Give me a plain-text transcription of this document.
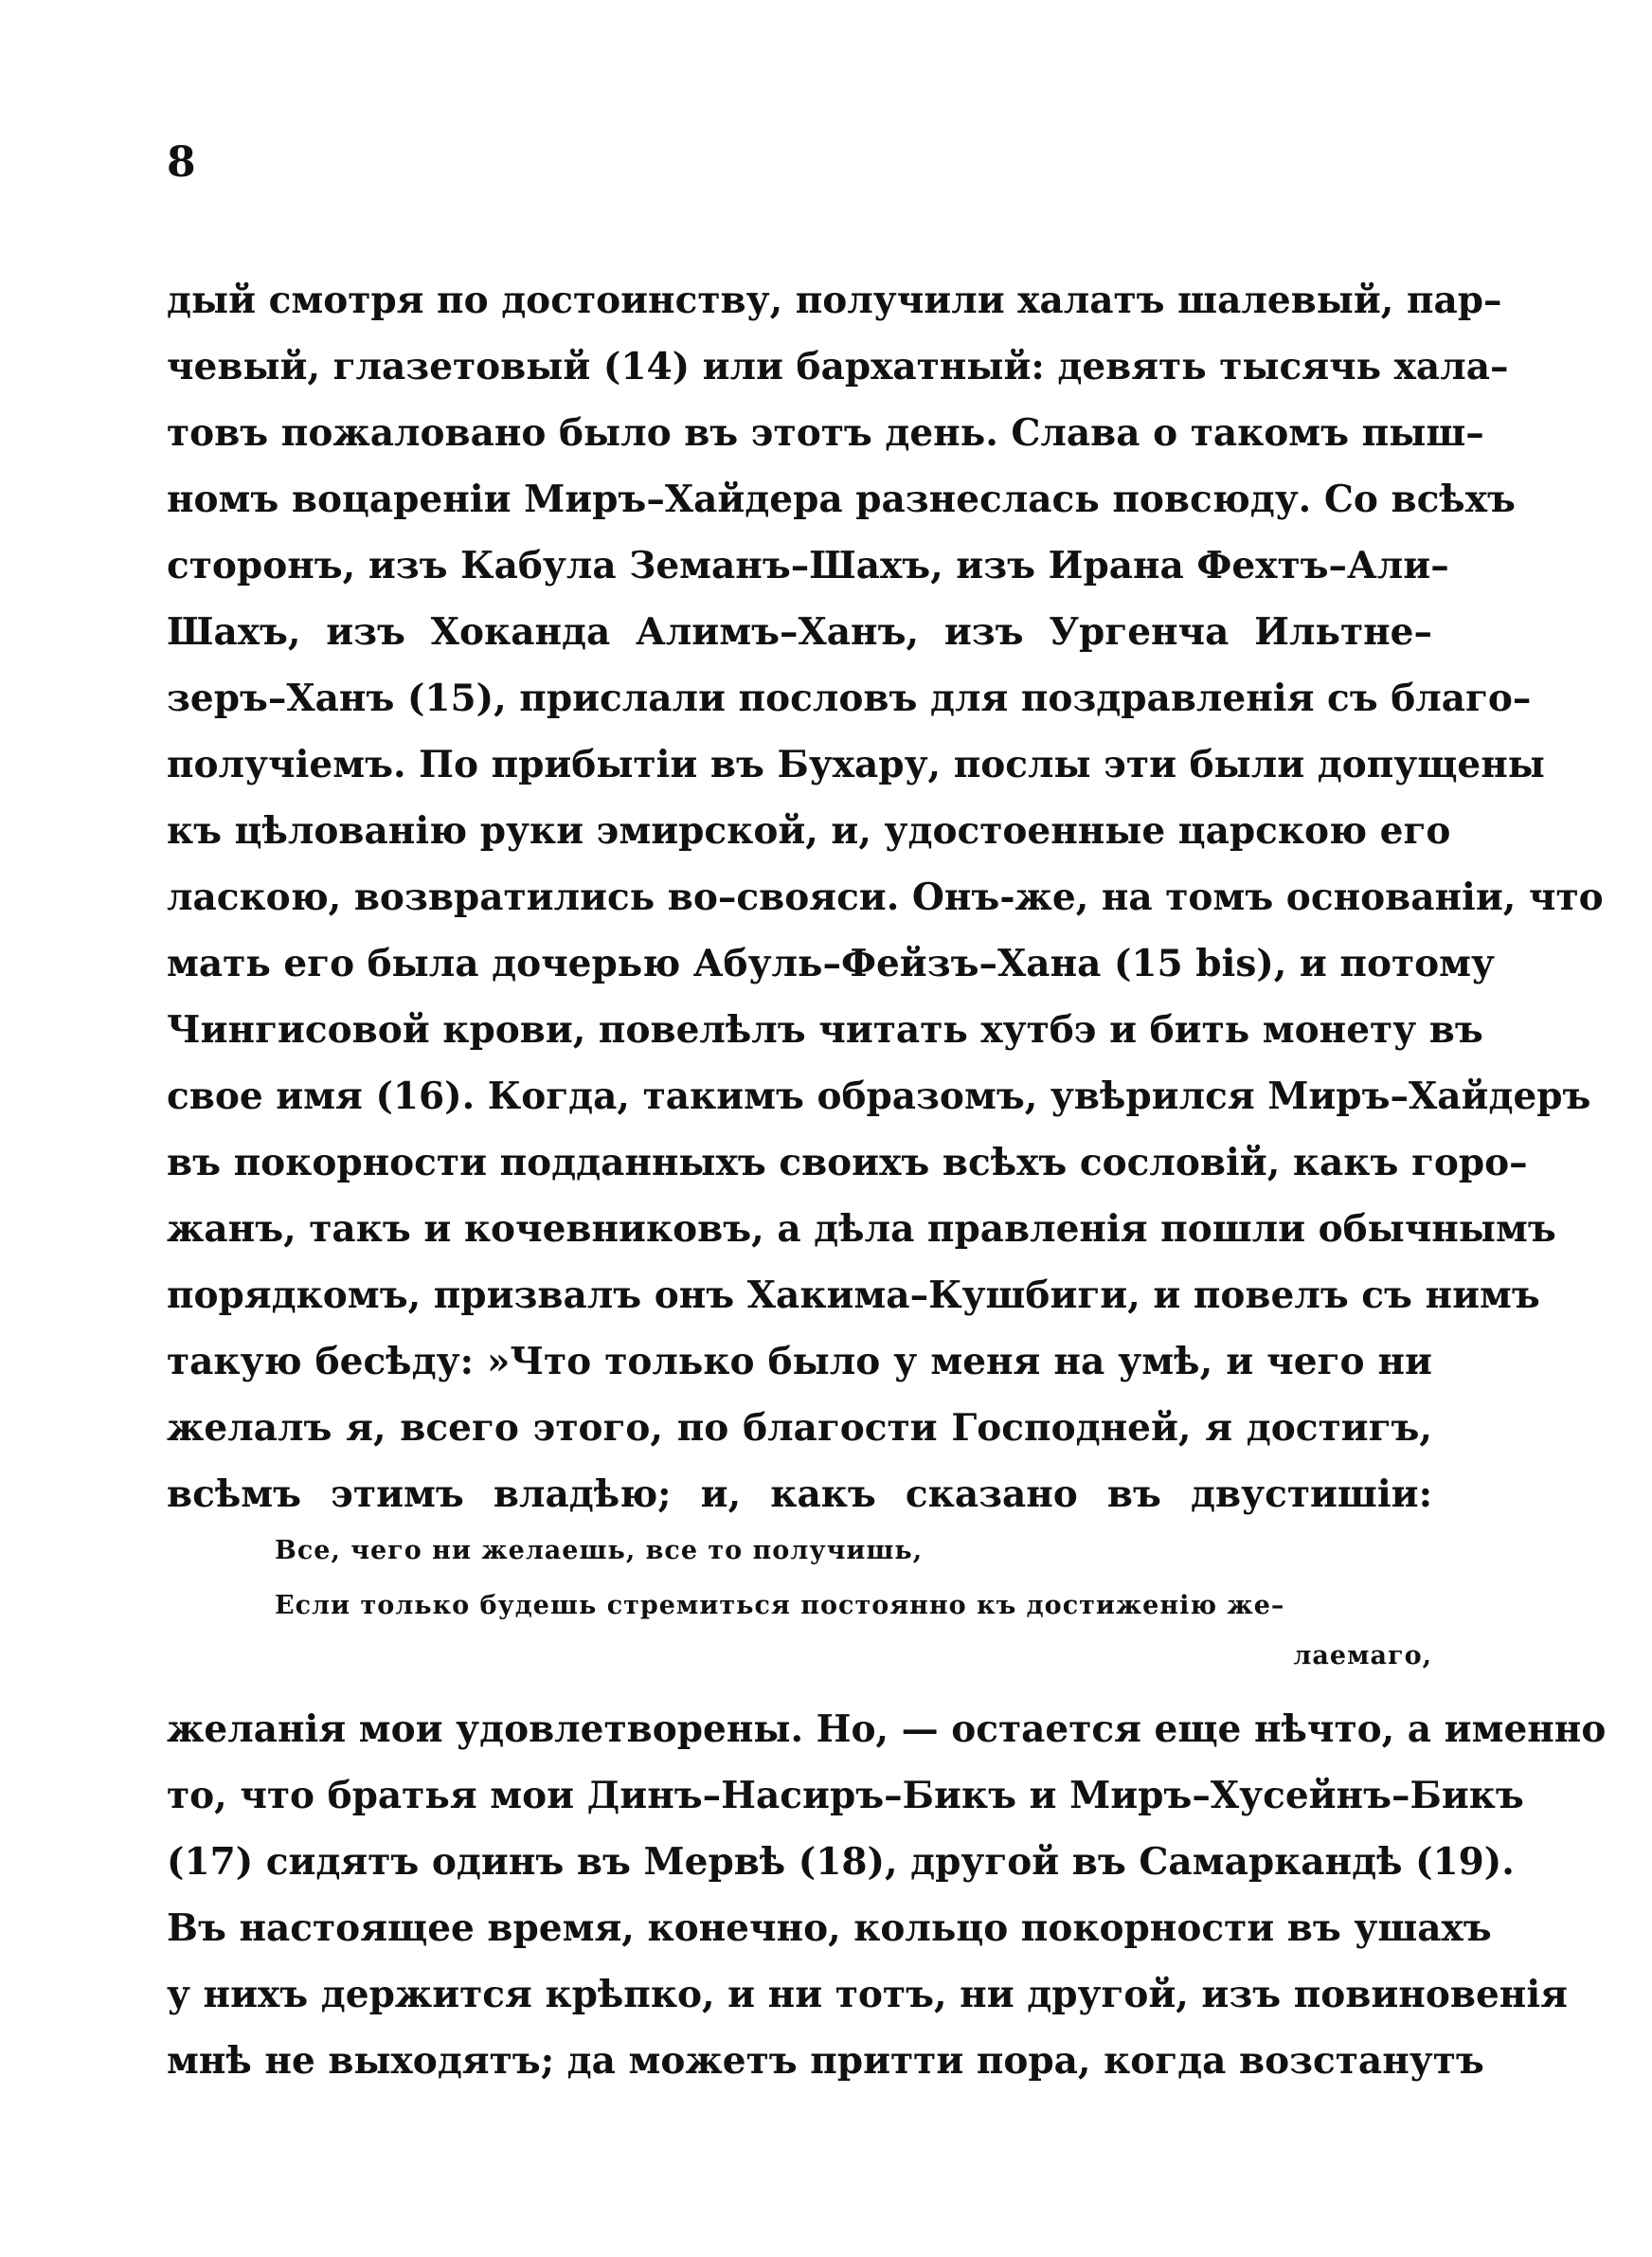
8
дый смотря по достоинству, получили халатъ шалевый, пар–
чевый, глазетовый (14) или бархатный: девять тысячь хала–
товъ пожаловано было въ этотъ день. Слава о такомъ пыш–
номъ воцареніи Миръ–Хайдера разнеслась повсюду. Со всѣхъ
сторонъ, изъ Кабула Земанъ–Шахъ, изъ Ирана Фехтъ–Али–
Шахъ, изъ Хоканда Алимъ–Ханъ, изъ Ургенча Ильтне–
зеръ–Ханъ (15), прислали пословъ для поздравленія съ благо–
получіемъ. По прибытіи въ Бухару, послы эти были допущены
къ цѣлованію руки эмирской, и, удостоенные царскою его
ласкою, возвратились во–свояси. Онъ-же, на томъ основаніи, что
мать его была дочерью Абуль–Фейзъ–Хана (15 bis), и потому
Чингисовой крови, повелѣлъ читать хутбэ и бить монету въ
свое имя (16). Когда, такимъ образомъ, увѣрился Миръ–Хайдеръ
въ покорности подданныхъ своихъ всѣхъ сословій, какъ горо–
жанъ, такъ и кочевниковъ, а дѣла правленія пошли обычнымъ
порядкомъ, призвалъ онъ Хакима–Кушбиги, и повелъ съ нимъ
такую бесѣду: »Что только было у меня на умѣ, и чего ни
желалъ я, всего этого, по благости Господней, я достигъ,
всѣмъ этимъ владѣю; и, какъ сказано въ двустишіи:
Все, чего ни желаешь, все то получишь,
Если только будешь стремиться постоянно къ достиженію же–
лаемаго,
желанія мои удовлетворены. Но, — остается еще нѣчто, а именно
то, что братья мои Динъ–Насиръ–Бикъ и Миръ–Хусейнъ–Бикъ
(17) сидятъ одинъ въ Мервѣ (18), другой въ Самаркандѣ (19).
Въ настоящее время, конечно, кольцо покорности въ ушахъ
у нихъ держится крѣпко, и ни тотъ, ни другой, изъ повиновенія
мнѣ не выходятъ; да можетъ притти пора, когда возстанутъ
